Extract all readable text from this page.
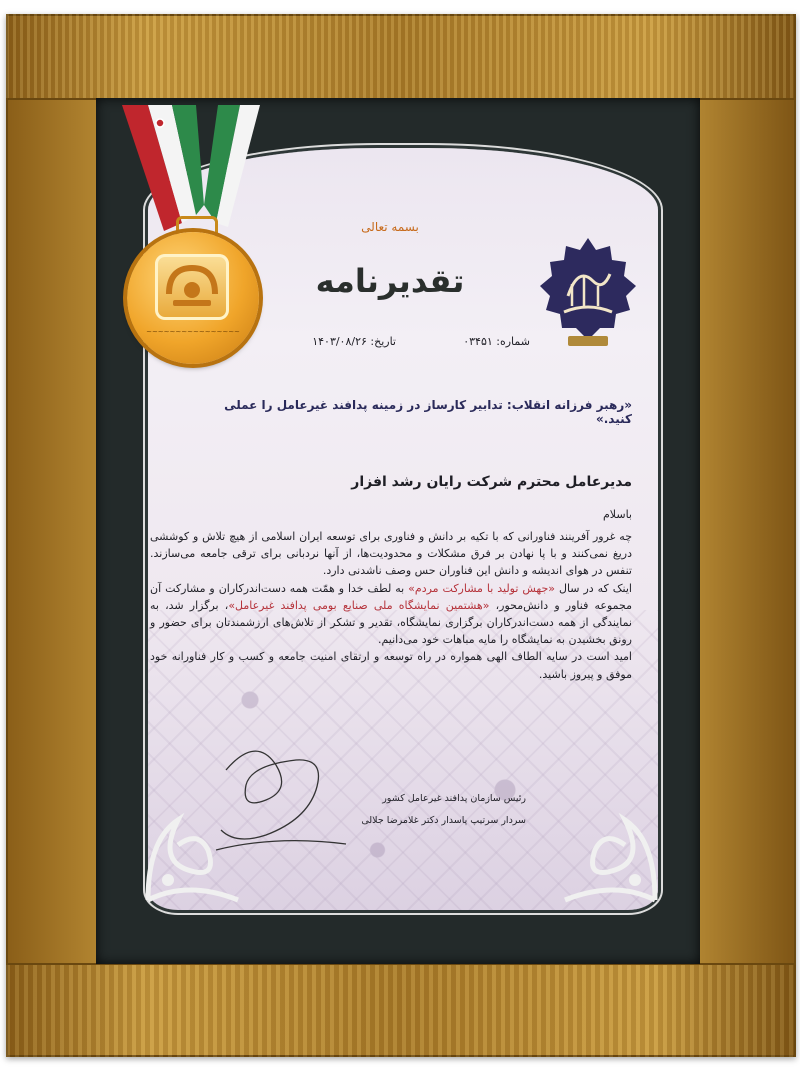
~~~~~~~~~~~~~~~~
بسمه تعالی
تقدیرنامه
شماره: ۰۳۴۵۱
تاریخ: ۱۴۰۳/۰۸/۲۶
«رهبر فرزانه انقلاب: تدابیر کارساز در زمینه پدافند غیرعامل را عملی کنید.»
مدیرعامل محترم شرکت رایان رشد افزار
باسلام
چه غرور آفرینند فناورانی که با تکیه بر دانش و فناوری برای توسعه ایران اسلامی از هیچ تلاش و کوششی دریغ نمی‌کنند و با پا نهادن بر فرق مشکلات و محدودیت‌ها، از آنها نردبانی برای ترقی جامعه می‌سازند. تنفس در هوای اندیشه و دانش این فناوران حس وصف ناشدنی دارد.
اینک که در سال «جهش تولید با مشارکت مردم» به لطف خدا و همّت همه دست‌اندرکاران و مشارکت آن مجموعه فناور و دانش‌محور، «هشتمین نمایشگاه ملی صنایع بومی پدافند غیرعامل»، برگزار شد، به نمایندگی از همه دست‌اندرکاران برگزاری نمایشگاه، تقدیر و تشکر از تلاش‌های ارزشمندتان برای حضور و رونق بخشیدن به نمایشگاه را مایه مباهات خود می‌دانیم.
امید است در سایه الطاف الهی همواره در راه توسعه و ارتقای امنیت جامعه و کسب و کار فناورانه خود موفق و پیروز باشید.
رئیس سازمان پدافند غیرعامل کشور
سردار سرتیپ پاسدار دکتر غلامرضا جلالی
